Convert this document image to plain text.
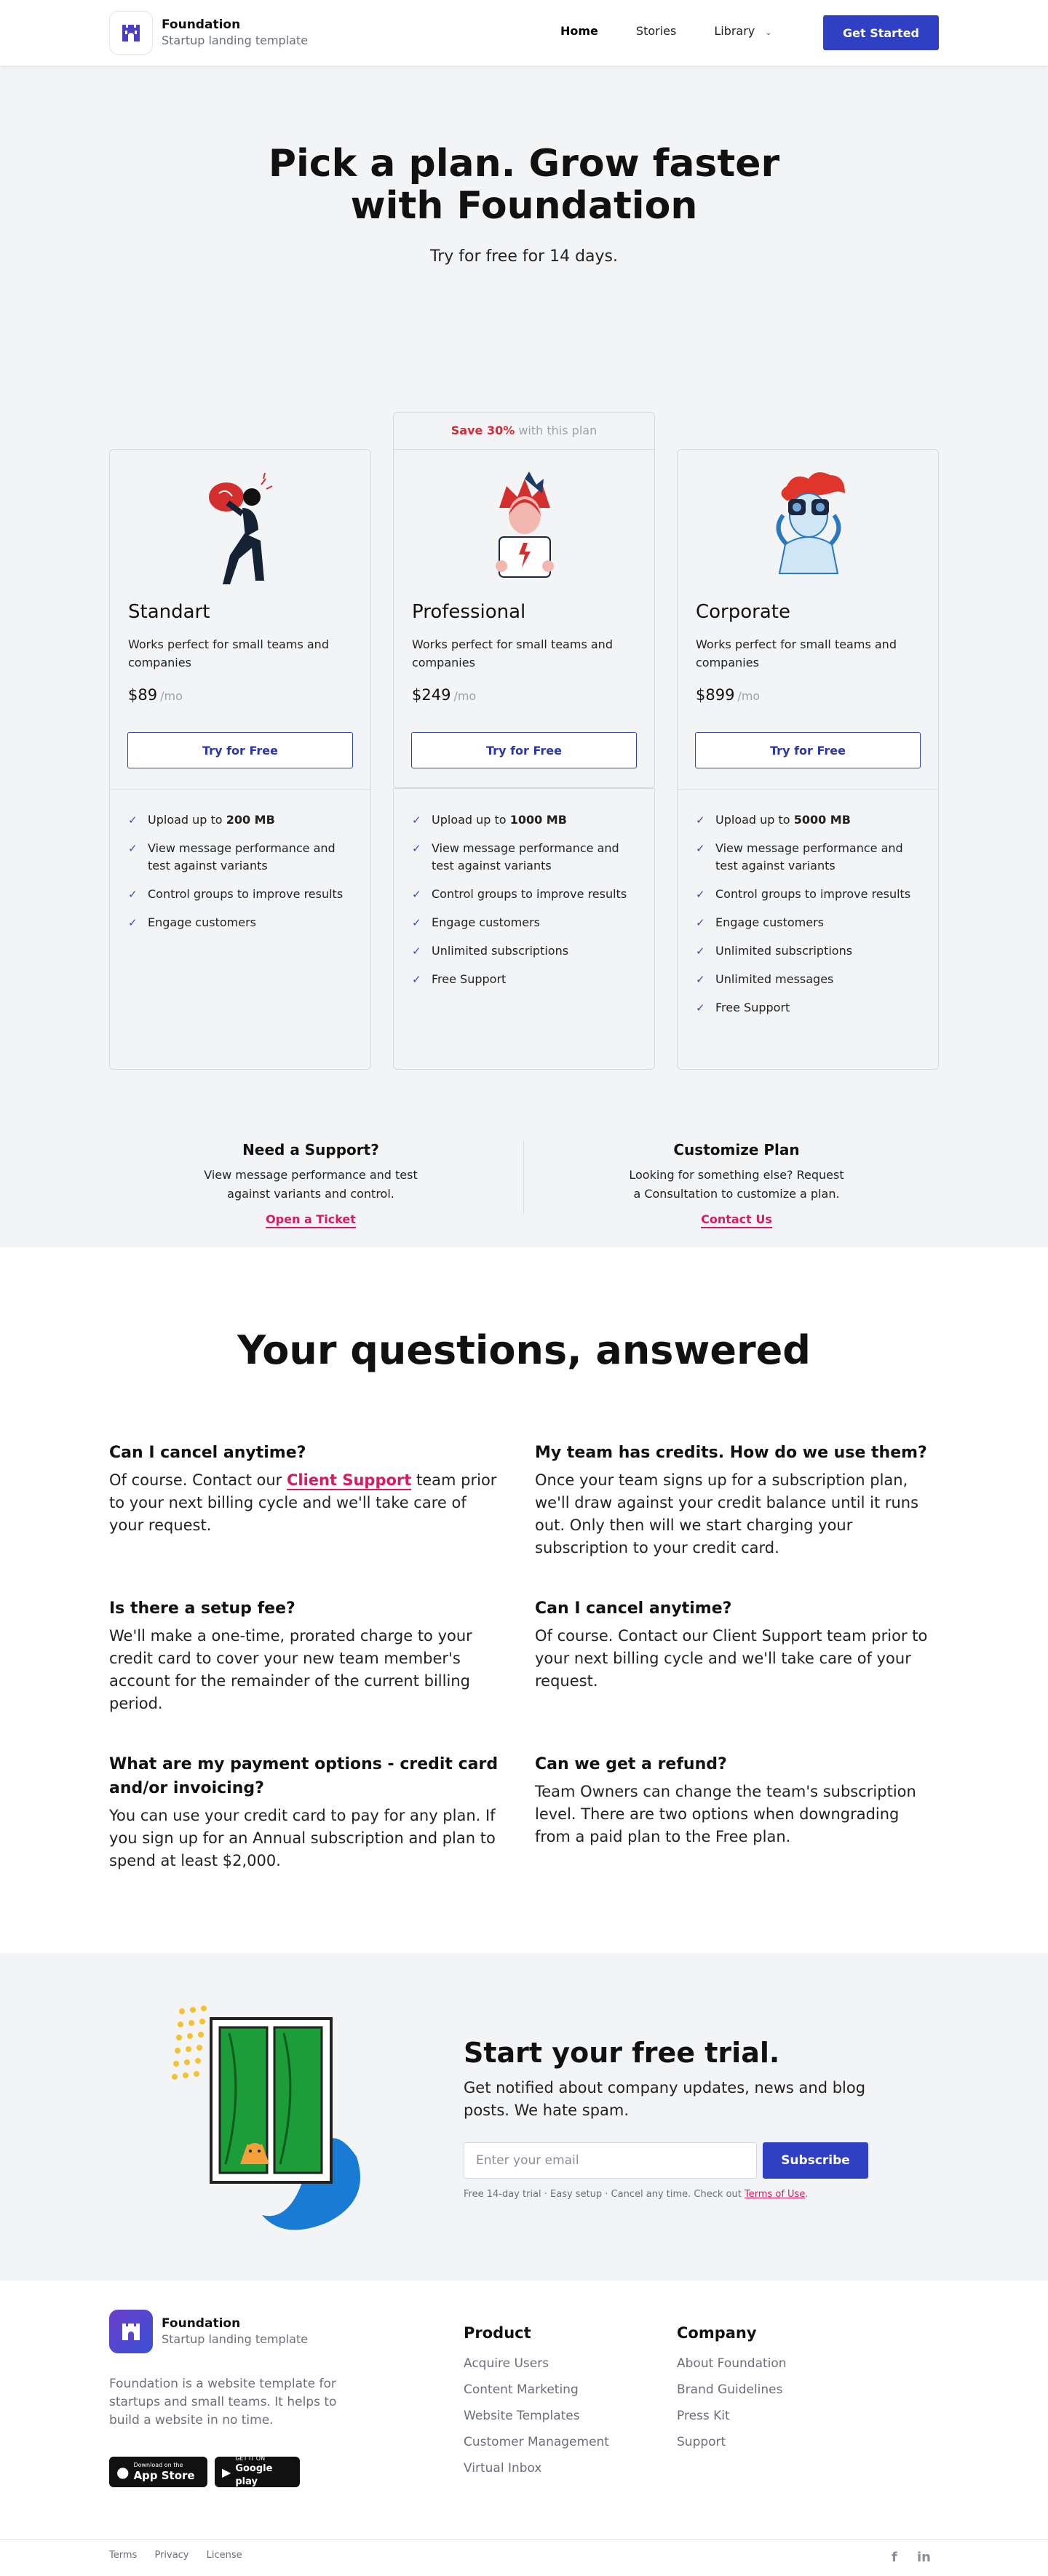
Foundation
Startup landing template
Home	Stories	Library ⌄	Get Started
Pick a plan. Grow faster
with Foundation

Try for free for 14 days.

Save 30% with this plan
Standart
Works perfect for small teams and companies
$89 /mo
Try for Free
✓ Upload up to 200 MB
✓ View message performance and test against variants
✓ Control groups to improve results
✓ Engage customers
Professional
Works perfect for small teams and companies
$249 /mo
Try for Free
✓ Upload up to 1000 MB
✓ View message performance and test against variants
✓ Control groups to improve results
✓ Engage customers
✓ Unlimited subscriptions
✓ Free Support
Corporate
Works perfect for small teams and companies
$899 /mo
Try for Free
✓ Upload up to 5000 MB
✓ View message performance and test against variants
✓ Control groups to improve results
✓ Engage customers
✓ Unlimited subscriptions
✓ Unlimited messages
✓ Free Support
Need a Support?

View message performance and test against variants and control.

Open a Ticket
Customize Plan

Looking for something else? Request a Consultation to customize a plan.

Contact Us
Your questions, answered
Can I cancel anytime?

Of course. Contact our Client Support team prior to your next billing cycle and we'll take care of your request.

My team has credits. How do we use them?

Once your team signs up for a subscription plan, we'll draw against your credit balance until it runs out. Only then will we start charging your subscription to your credit card.

Is there a setup fee?

We'll make a one-time, prorated charge to your credit card to cover your new team member's account for the remainder of the current billing period.

Can I cancel anytime?

Of course. Contact our Client Support team prior to your next billing cycle and we'll take care of your request.

What are my payment options - credit card and/or invoicing?

You can use your credit card to pay for any plan. If you sign up for an Annual subscription and plan to spend at least $2,000.

Can we get a refund?

Team Owners can change the team's subscription level. There are two options when downgrading from a paid plan to the Free plan.

Start your free trial.

Get notified about company updates, news and blog posts. We hate spam.

Enter your email
Subscribe

Free 14-day trial · Easy setup · Cancel any time. Check out Terms of Use.

Foundation
Startup landing template

Foundation is a website template for startups and small teams. It helps to build a website in no time.

● Download on the
App Store ▶
GET IT ON
Google play
Product
Acquire Users
Content Marketing
Website Templates
Customer Management
Virtual Inbox
Company
About Foundation
Brand Guidelines
Press Kit
Support
Terms Privacy License	f in
